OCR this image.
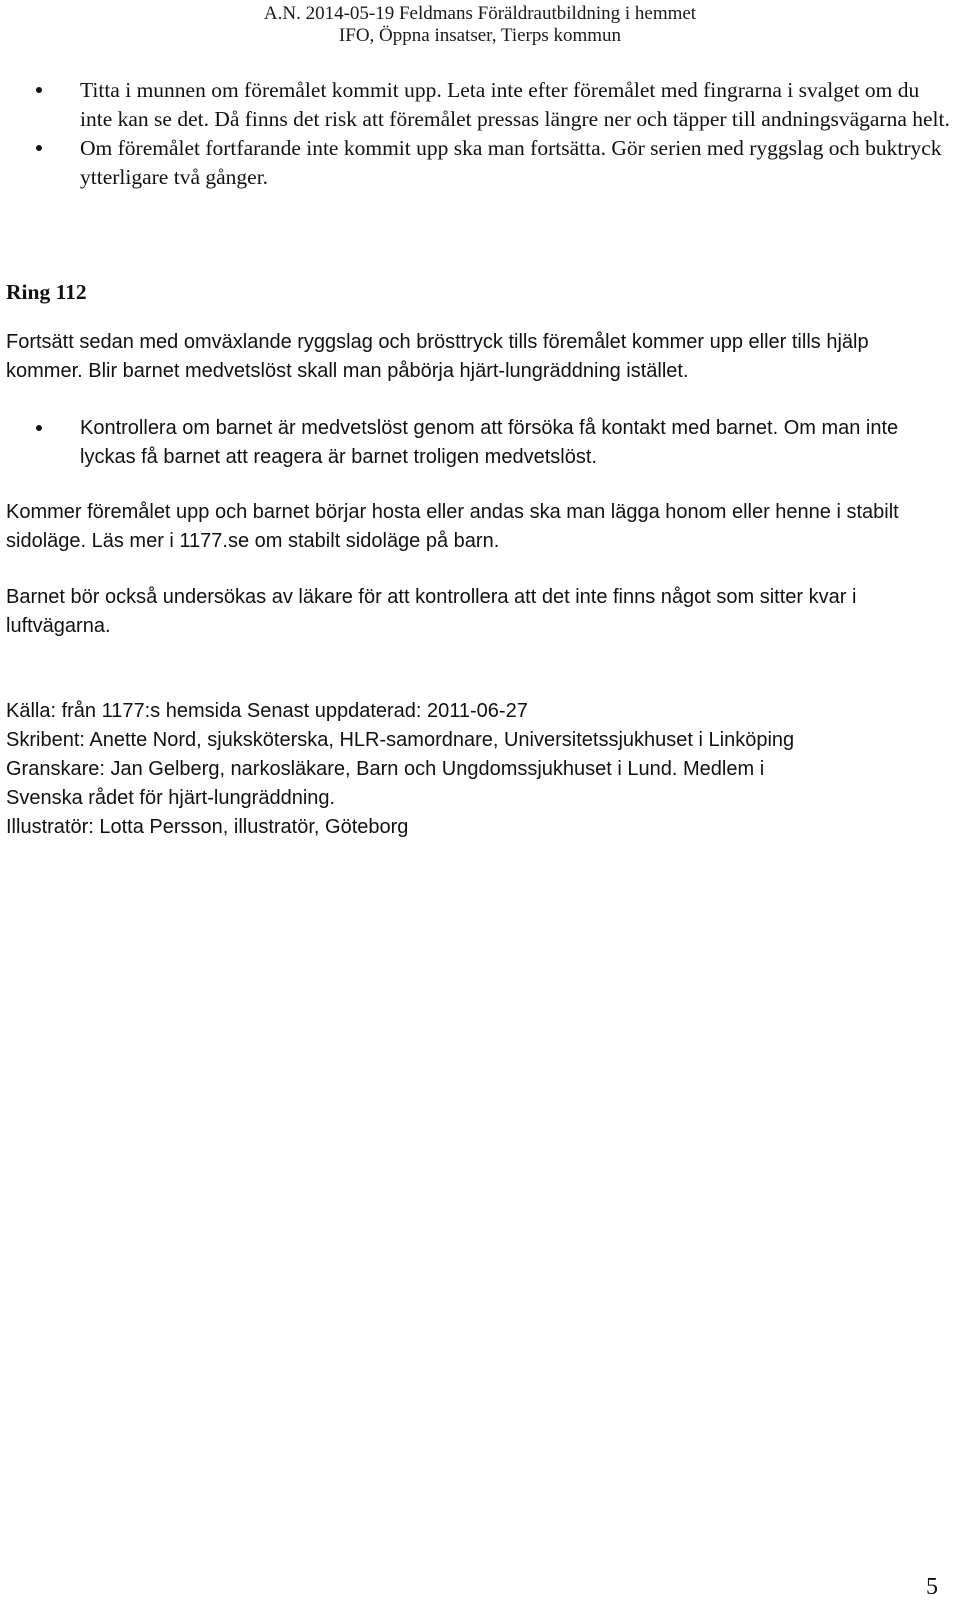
A.N. 2014-05-19 Feldmans Föräldrautbildning i hemmet
IFO, Öppna insatser, Tierps kommun
Titta i munnen om föremålet kommit upp. Leta inte efter föremålet med fingrarna i svalget om du inte kan se det. Då finns det risk att föremålet pressas längre ner och täpper till andningsvägarna helt.
Om föremålet fortfarande inte kommit upp ska man fortsätta. Gör serien med ryggslag och buktryck ytterligare två gånger.
Ring 112
Fortsätt sedan med omväxlande ryggslag och brösttryck tills föremålet kommer upp eller tills hjälp kommer. Blir barnet medvetslöst skall man påbörja hjärt-lungräddning istället.
Kontrollera om barnet är medvetslöst genom att försöka få kontakt med barnet. Om man inte lyckas få barnet att reagera är barnet troligen medvetslöst.
Kommer föremålet upp och barnet börjar hosta eller andas ska man lägga honom eller henne i stabilt sidoläge. Läs mer i 1177.se om stabilt sidoläge på barn.
Barnet bör också undersökas av läkare för att kontrollera att det inte finns något som sitter kvar i luftvägarna.
Källa: från 1177:s hemsida Senast uppdaterad: 2011-06-27
Skribent: Anette Nord, sjuksköterska, HLR-samordnare, Universitetssjukhuset i Linköping
Granskare: Jan Gelberg, narkosläkare, Barn och Ungdomssjukhuset i Lund. Medlem i
Svenska rådet för hjärt-lungräddning.
Illustratör: Lotta Persson, illustratör, Göteborg
5
